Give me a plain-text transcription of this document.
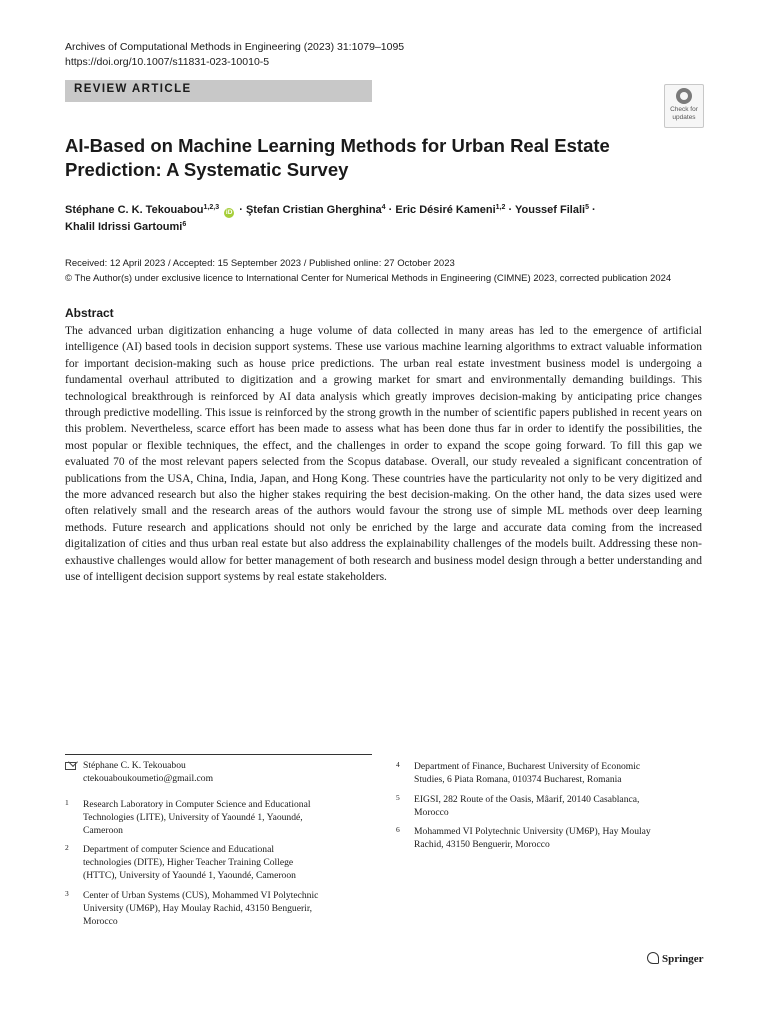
Archives of Computational Methods in Engineering (2023) 31:1079–1095
https://doi.org/10.1007/s11831-023-10010-5
REVIEW ARTICLE
Check for updates
AI-Based on Machine Learning Methods for Urban Real Estate
Prediction: A Systematic Survey
Stéphane C. K. Tekouabou$^{1,2,3}$ iD · Ştefan Cristian Gherghina$^4$ · Eric Désiré Kameni$^{1,2}$ · Youssef Filali$^5$ ·
Khalil Idrissi Gartoumi$^6$
Received: 12 April 2023 / Accepted: 15 September 2023 / Published online: 27 October 2023
© The Author(s) under exclusive licence to International Center for Numerical Methods in Engineering (CIMNE) 2023, corrected publication 2024
Abstract
The advanced urban digitization enhancing a huge volume of data collected in many areas has led to the emergence of artificial intelligence (AI) based tools in decision support systems. These use various machine learning algorithms to extract valuable information for important decision-making such as house price predictions. The urban real estate investment business model is undergoing a fundamental overhaul attributed to digitization and a growing market for smart and environmentally demanding buildings. This technological breakthrough is reinforced by AI data analysis which greatly improves decision-making by anticipating price changes through predictive modelling. This issue is reinforced by the strong growth in the number of scientific papers published in recent years on this problem. Nevertheless, scarce effort has been made to assess what has been done thus far in order to identify the possibilities, the most popular or flexible techniques, the effect, and the challenges in order to expand the scope going forward. To fill this gap we evaluated 70 of the most relevant papers selected from the Scopus database. Overall, our study revealed a significant concentration of publications from the USA, China, India, Japan, and Hong Kong. These countries have the particularity not only to be very digitized and the more advanced research but also the higher stakes requiring the best decision-making. On the other hand, the data sizes used were often relatively small and the research areas of the authors would favour the strong use of simple ML methods over deep learning methods. Future research and applications should not only be enriched by the large and accurate data coming from the increased digitalization of cities and thus urban real estate but also address the explainability challenges of the models built. Addressing these non-exhaustive challenges would allow for better management of both research and business model design through a better understanding and use of intelligent decision support systems by real estate stakeholders.
Stéphane C. K. Tekouabou
ctekouaboukoumetio@gmail.com
1 Research Laboratory in Computer Science and Educational
Technologies (LITE), University of Yaoundé 1, Yaoundé,
Cameroon
2 Department of computer Science and Educational
technologies (DITE), Higher Teacher Training College
(HTTC), University of Yaoundé 1, Yaoundé, Cameroon
3 Center of Urban Systems (CUS), Mohammed VI Polytechnic
University (UM6P), Hay Moulay Rachid, 43150 Benguerir,
Morocco
4 Department of Finance, Bucharest University of Economic
Studies, 6 Piata Romana, 010374 Bucharest, Romania
5 EIGSI, 282 Route of the Oasis, Mâarif, 20140 Casablanca,
Morocco
6 Mohammed VI Polytechnic University (UM6P), Hay Moulay
Rachid, 43150 Benguerir, Morocco
Springer
